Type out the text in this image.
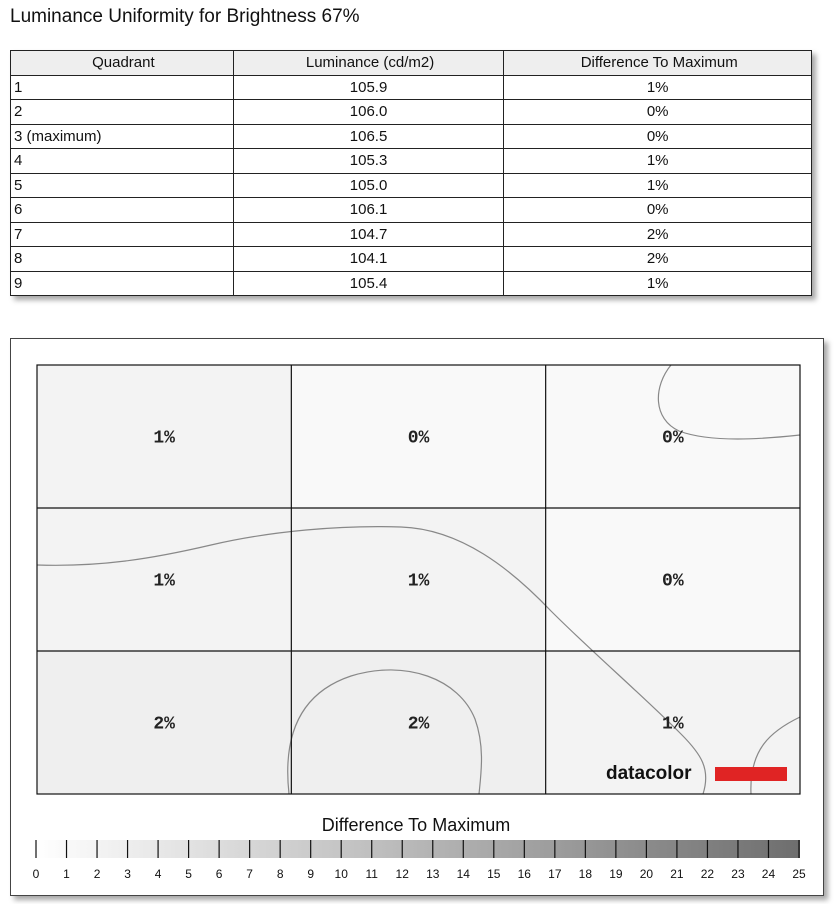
Luminance Uniformity for Brightness 67%
Quadrant	Luminance (cd/m2)	Difference To Maximum
1	105.9	1%
2	106.0	0%
3 (maximum)	106.5	0%
4	105.3	1%
5	105.0	1%
6	106.1	0%
7	104.7	2%
8	104.1	2%
9	105.4	1%
1%	0%	0%
1%	1%	0%
2%	2%	1%
datacolor
Difference To Maximum
0 1 2 3 4 5 6 7 8 9 10 11 12 13 14 15 16 17 18 19 20 21 22 23 24 25
